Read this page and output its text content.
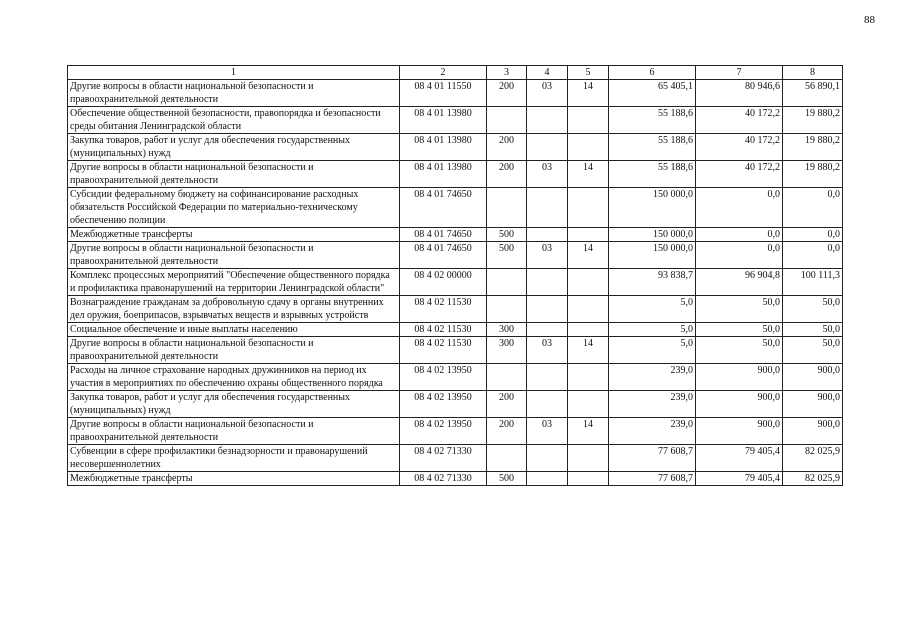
88
1	2	3	4	5	6	7	8
Другие вопросы в области национальной безопасности и правоохранительной деятельности	08 4 01 11550	200	03	14	65 405,1	80 946,6	56 890,1
Обеспечение общественной безопасности, правопорядка и безопасности среды обитания Ленинградской области	08 4 01 13980				55 188,6	40 172,2	19 880,2
Закупка товаров, работ и услуг для обеспечения государственных (муниципальных) нужд	08 4 01 13980	200			55 188,6	40 172,2	19 880,2
Другие вопросы в области национальной безопасности и правоохранительной деятельности	08 4 01 13980	200	03	14	55 188,6	40 172,2	19 880,2
Субсидии федеральному бюджету на софинансирование расходных обязательств Российской Федерации по материально-техническому обеспечению полиции	08 4 01 74650				150 000,0	0,0	0,0
Межбюджетные трансферты	08 4 01 74650	500			150 000,0	0,0	0,0
Другие вопросы в области национальной безопасности и правоохранительной деятельности	08 4 01 74650	500	03	14	150 000,0	0,0	0,0
Комплекс процессных мероприятий "Обеспечение общественного порядка и профилактика правонарушений на территории Ленинградской области"	08 4 02 00000				93 838,7	96 904,8	100 111,3
Вознаграждение гражданам за добровольную сдачу в органы внутренних дел оружия, боеприпасов, взрывчатых веществ и взрывных устройств	08 4 02 11530				5,0	50,0	50,0
Социальное обеспечение и иные выплаты населению	08 4 02 11530	300			5,0	50,0	50,0
Другие вопросы в области национальной безопасности и правоохранительной деятельности	08 4 02 11530	300	03	14	5,0	50,0	50,0
Расходы на личное страхование народных дружинников на период их участия в мероприятиях по обеспечению охраны общественного порядка	08 4 02 13950				239,0	900,0	900,0
Закупка товаров, работ и услуг для обеспечения государственных (муниципальных) нужд	08 4 02 13950	200			239,0	900,0	900,0
Другие вопросы в области национальной безопасности и правоохранительной деятельности	08 4 02 13950	200	03	14	239,0	900,0	900,0
Субвенции в сфере профилактики безнадзорности и правонарушений несовершеннолетних	08 4 02 71330				77 608,7	79 405,4	82 025,9
Межбюджетные трансферты	08 4 02 71330	500			77 608,7	79 405,4	82 025,9
